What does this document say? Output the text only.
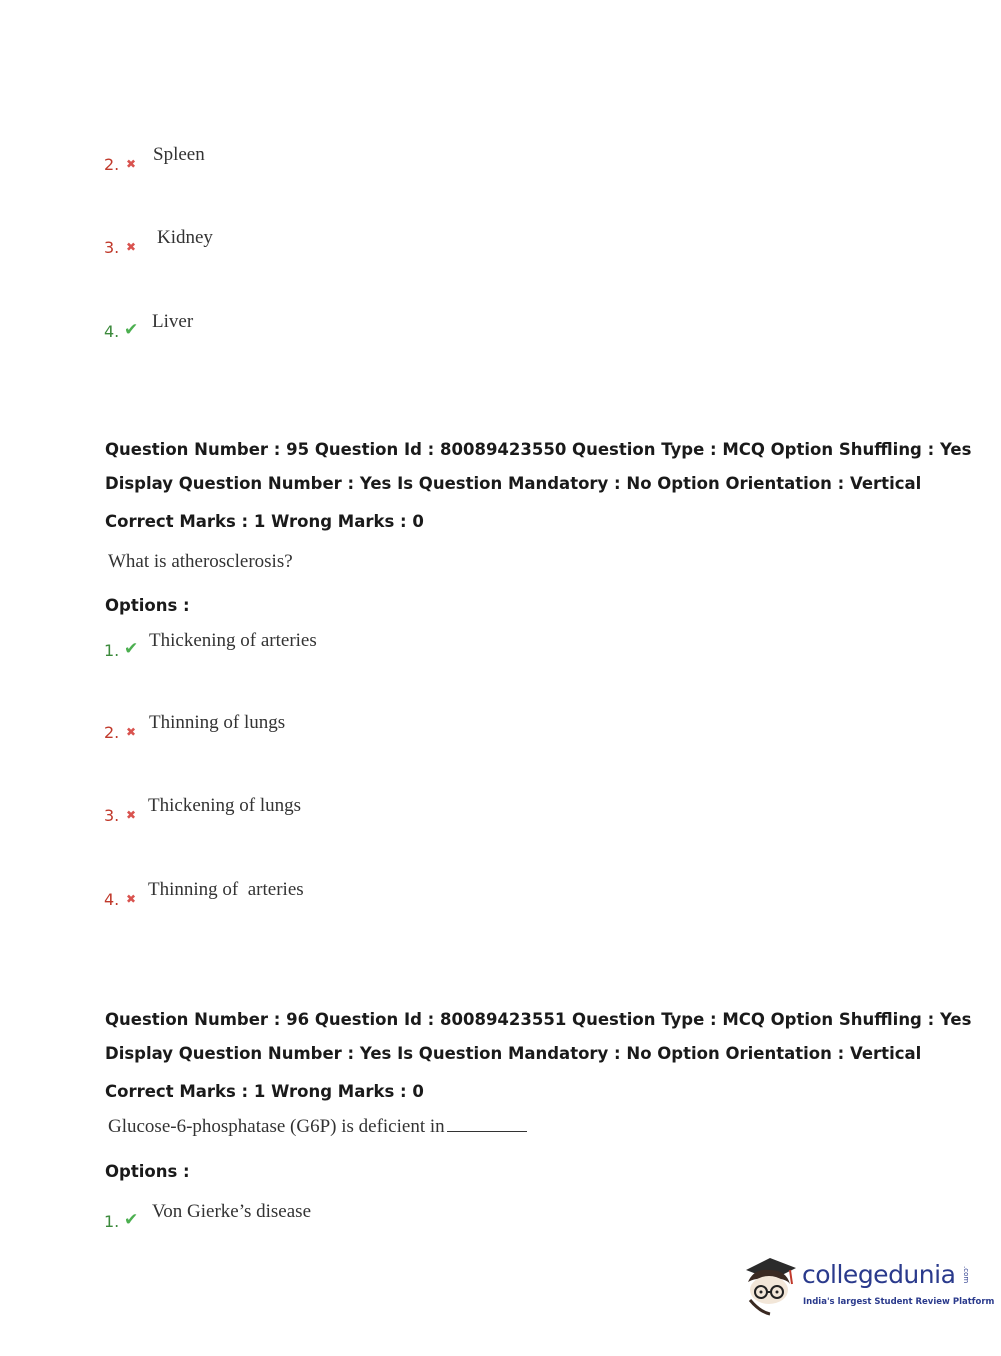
2. ✖ Spleen
3. ✖ Kidney
4. ✔ Liver
Question Number : 95 Question Id : 80089423550 Question Type : MCQ Option Shuffling : Yes
Display Question Number : Yes Is Question Mandatory : No Option Orientation : Vertical
Correct Marks : 1 Wrong Marks : 0
What is atherosclerosis?
Options :
1. ✔ Thickening of arteries
2. ✖ Thinning of lungs
3. ✖ Thickening of lungs
4. ✖ Thinning of  arteries
Question Number : 96 Question Id : 80089423551 Question Type : MCQ Option Shuffling : Yes
Display Question Number : Yes Is Question Mandatory : No Option Orientation : Vertical
Correct Marks : 1 Wrong Marks : 0
Glucose-6-phosphatase (G6P) is deficient in
Options :
1. ✔ Von Gierke’s disease
collegedunia .com
India's largest Student Review Platform
